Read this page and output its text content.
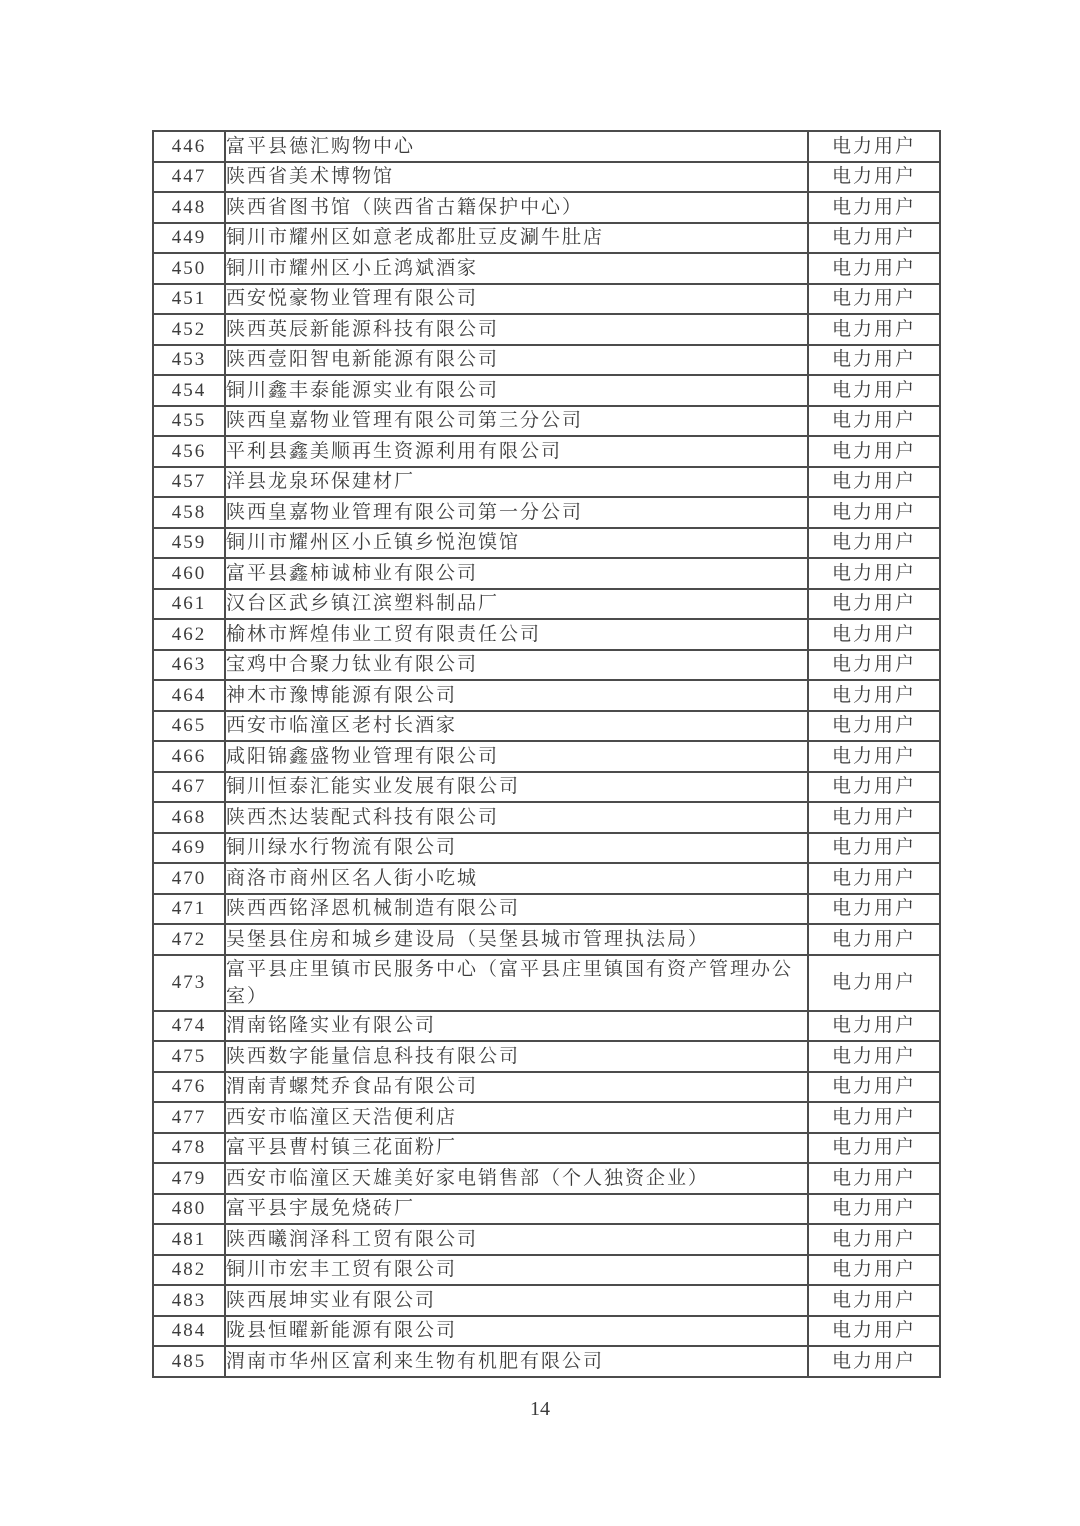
446	富平县德汇购物中心	电力用户
447	陕西省美术博物馆	电力用户
448	陕西省图书馆（陕西省古籍保护中心）	电力用户
449	铜川市耀州区如意老成都肚豆皮涮牛肚店	电力用户
450	铜川市耀州区小丘鸿斌酒家	电力用户
451	西安悦豪物业管理有限公司	电力用户
452	陕西英辰新能源科技有限公司	电力用户
453	陕西壹阳智电新能源有限公司	电力用户
454	铜川鑫丰泰能源实业有限公司	电力用户
455	陕西皇嘉物业管理有限公司第三分公司	电力用户
456	平利县鑫美顺再生资源利用有限公司	电力用户
457	洋县龙泉环保建材厂	电力用户
458	陕西皇嘉物业管理有限公司第一分公司	电力用户
459	铜川市耀州区小丘镇乡悦泡馍馆	电力用户
460	富平县鑫柿诚柿业有限公司	电力用户
461	汉台区武乡镇江滨塑料制品厂	电力用户
462	榆林市辉煌伟业工贸有限责任公司	电力用户
463	宝鸡中合聚力钛业有限公司	电力用户
464	神木市豫博能源有限公司	电力用户
465	西安市临潼区老村长酒家	电力用户
466	咸阳锦鑫盛物业管理有限公司	电力用户
467	铜川恒泰汇能实业发展有限公司	电力用户
468	陕西杰达装配式科技有限公司	电力用户
469	铜川绿水行物流有限公司	电力用户
470	商洛市商州区名人街小吃城	电力用户
471	陕西西铭泽恩机械制造有限公司	电力用户
472	吴堡县住房和城乡建设局（吴堡县城市管理执法局）	电力用户
473	富平县庄里镇市民服务中心（富平县庄里镇国有资产管理办公室）	电力用户
474	渭南铭隆实业有限公司	电力用户
475	陕西数字能量信息科技有限公司	电力用户
476	渭南青螺梵乔食品有限公司	电力用户
477	西安市临潼区天浩便利店	电力用户
478	富平县曹村镇三花面粉厂	电力用户
479	西安市临潼区天雄美好家电销售部（个人独资企业）	电力用户
480	富平县宇晟免烧砖厂	电力用户
481	陕西曦润泽科工贸有限公司	电力用户
482	铜川市宏丰工贸有限公司	电力用户
483	陕西展坤实业有限公司	电力用户
484	陇县恒曜新能源有限公司	电力用户
485	渭南市华州区富利来生物有机肥有限公司	电力用户
14
